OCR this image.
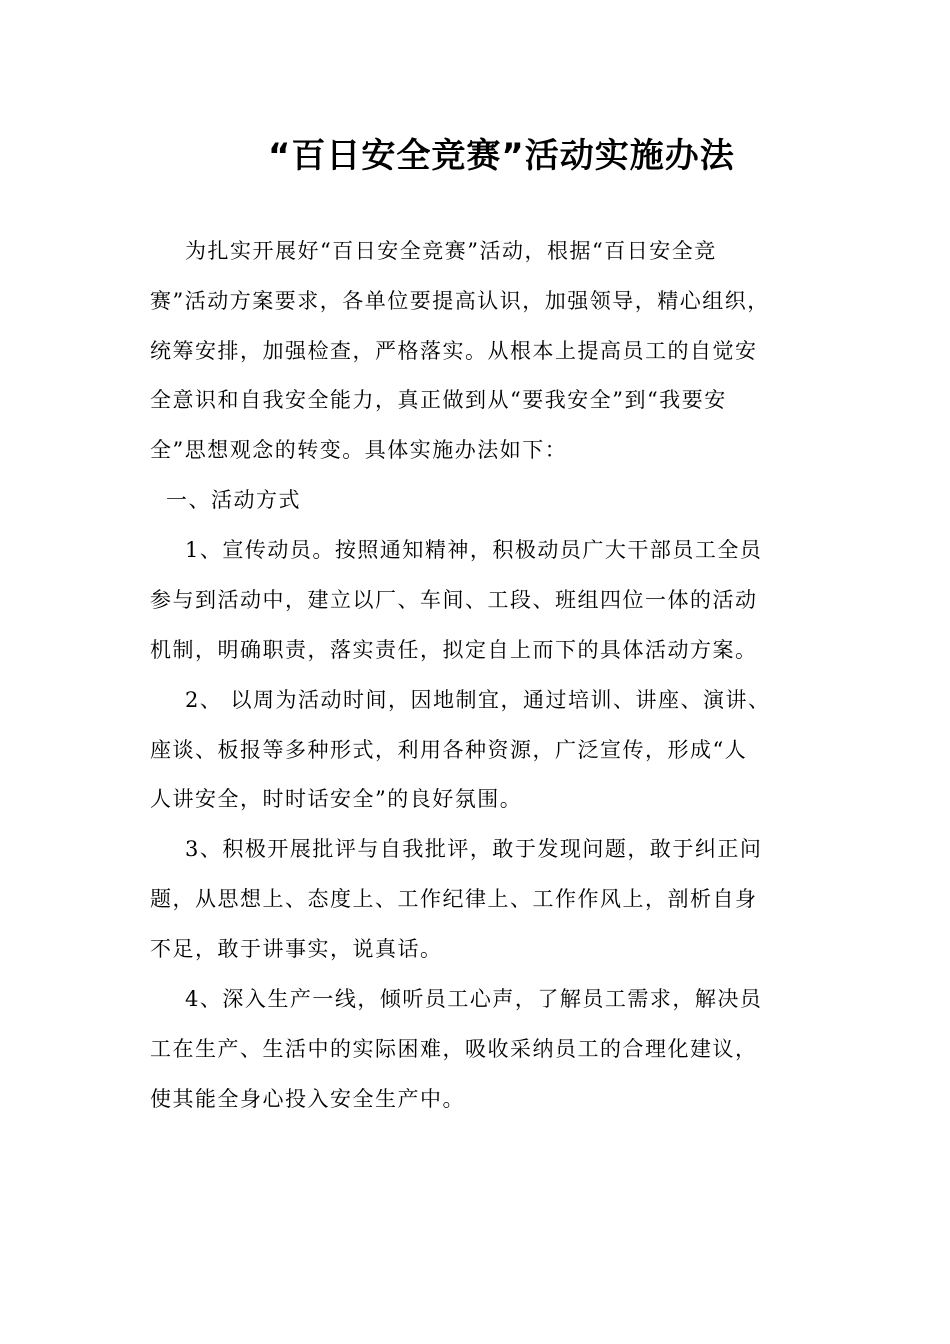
“百日安全竞赛”活动实施办法
为扎实开展好“百日安全竞赛”活动，根据“百日安全竞
赛”活动方案要求，各单位要提高认识，加强领导，精心组织，
统筹安排，加强检查，严格落实。从根本上提高员工的自觉安
全意识和自我安全能力，真正做到从“要我安全”到“我要安
全”思想观念的转变。具体实施办法如下：
一、活动方式
1、宣传动员。按照通知精神，积极动员广大干部员工全员
参与到活动中，建立以厂、车间、工段、班组四位一体的活动
机制，明确职责，落实责任，拟定自上而下的具体活动方案。
2、 以周为活动时间，因地制宜，通过培训、讲座、演讲、
座谈、板报等多种形式，利用各种资源，广泛宣传，形成“人
人讲安全，时时话安全”的良好氛围。
3、积极开展批评与自我批评，敢于发现问题，敢于纠正问
题，从思想上、态度上、工作纪律上、工作作风上，剖析自身
不足，敢于讲事实，说真话。
4、深入生产一线，倾听员工心声，了解员工需求，解决员
工在生产、生活中的实际困难，吸收采纳员工的合理化建议，
使其能全身心投入安全生产中。
